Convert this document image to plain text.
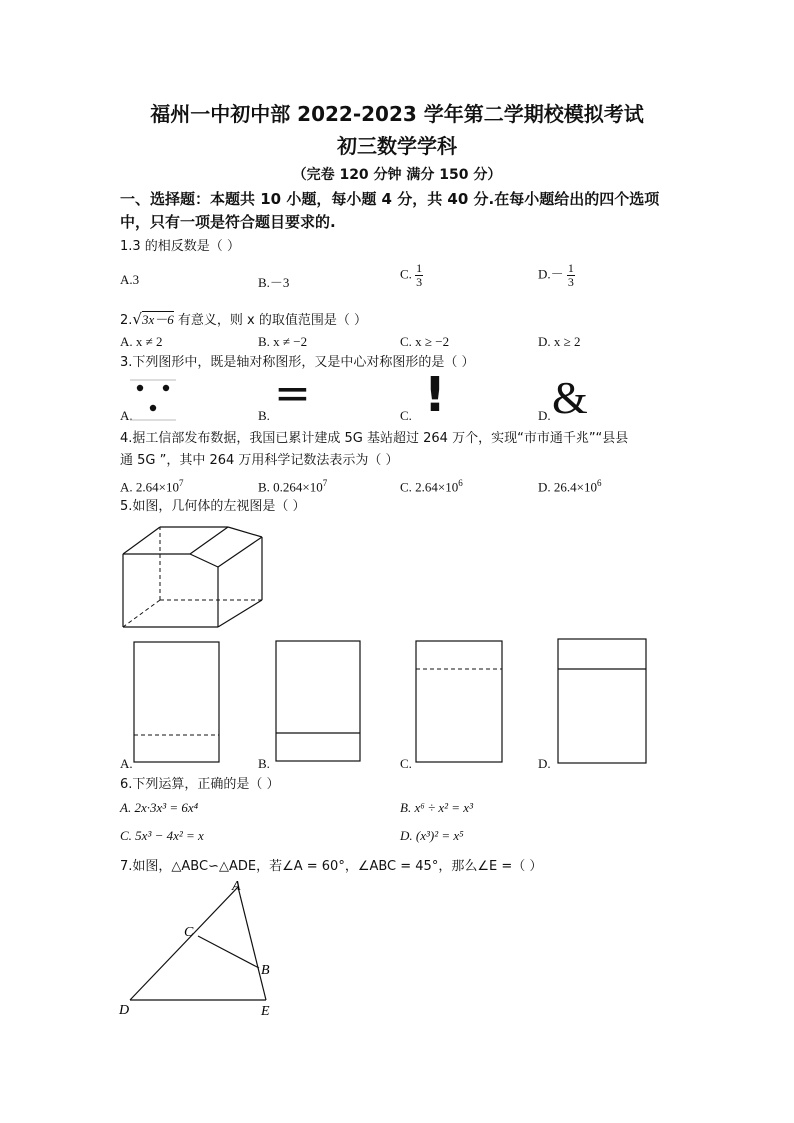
福州一中初中部 2022-2023 学年第二学期校模拟考试
初三数学学科
（完卷 120 分钟 满分 150 分）
一、选择题：本题共 10 小题，每小题 4 分，共 40 分.在每小题给出的四个选项
中，只有一项是符合题目要求的.
1.3 的相反数是（ ）
A.3	B.－3
C. $\frac{1}{3}$	$D.- \frac{1}{3}$
2.√3x－6 有意义，则 x 的取值范围是（ ）
A. x ≠ 2	B. x ≠ −2	C. x ≥ −2	D. x ≥ 2
3.下列图形中，既是轴对称图形，又是中心对称图形的是（ ）
A.	B. =	C. !	D. &
4.据工信部发布数据，我国已累计建成 5G 基站超过 264 万个，实现“市市通千兆”“县县
通 5G ”，其中 264 万用科学记数法表示为（ ）
A. $2.64\times 10^7$	B. $0.264\times 10^7$	C. $2.64\times 10^6$	D. $26.4\times 10^6$
5.如图，几何体的左视图是（ ）
A.	B.	C.	D.
6.下列运算，正确的是（ ）
A. 2x·3x³ = 6x⁴	B. x⁶ ÷ x² = x³
C. 5x³ − 4x² = x	D. (x³)² = x⁵
7.如图，△ABC∽△ADE，若∠A = 60°，∠ABC = 45°，那么∠E =（ ）
A
C
B
D	E
